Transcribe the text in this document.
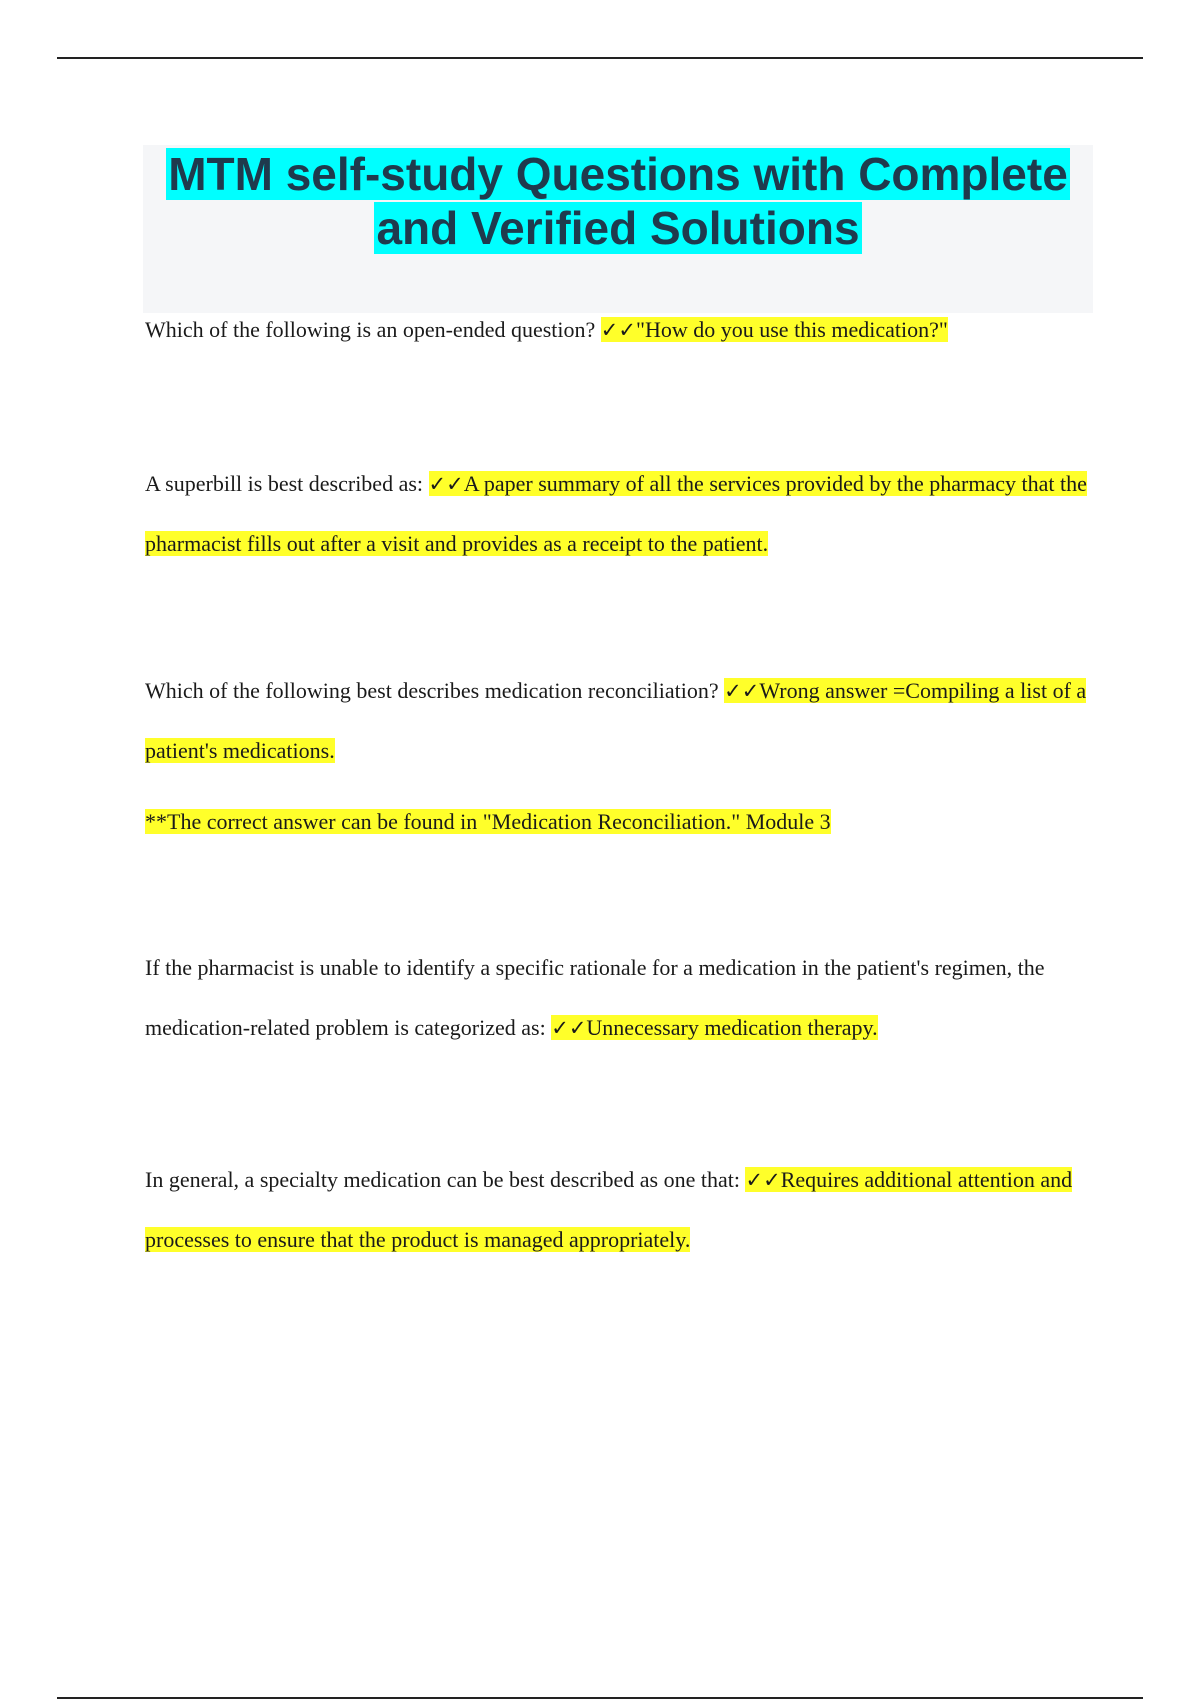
MTM self-study Questions with Complete and Verified Solutions

Which of the following is an open-ended question? ✓✓"How do you use this medication?"

A superbill is best described as: ✓✓A paper summary of all the services provided by the pharmacy that the pharmacist fills out after a visit and provides as a receipt to the patient.

Which of the following best describes medication reconciliation? ✓✓Wrong answer =Compiling a list of a patient's medications.

**The correct answer can be found in "Medication Reconciliation." Module 3

If the pharmacist is unable to identify a specific rationale for a medication in the patient's regimen, the medication-related problem is categorized as: ✓✓Unnecessary medication therapy.

In general, a specialty medication can be best described as one that: ✓✓Requires additional attention and processes to ensure that the product is managed appropriately.
